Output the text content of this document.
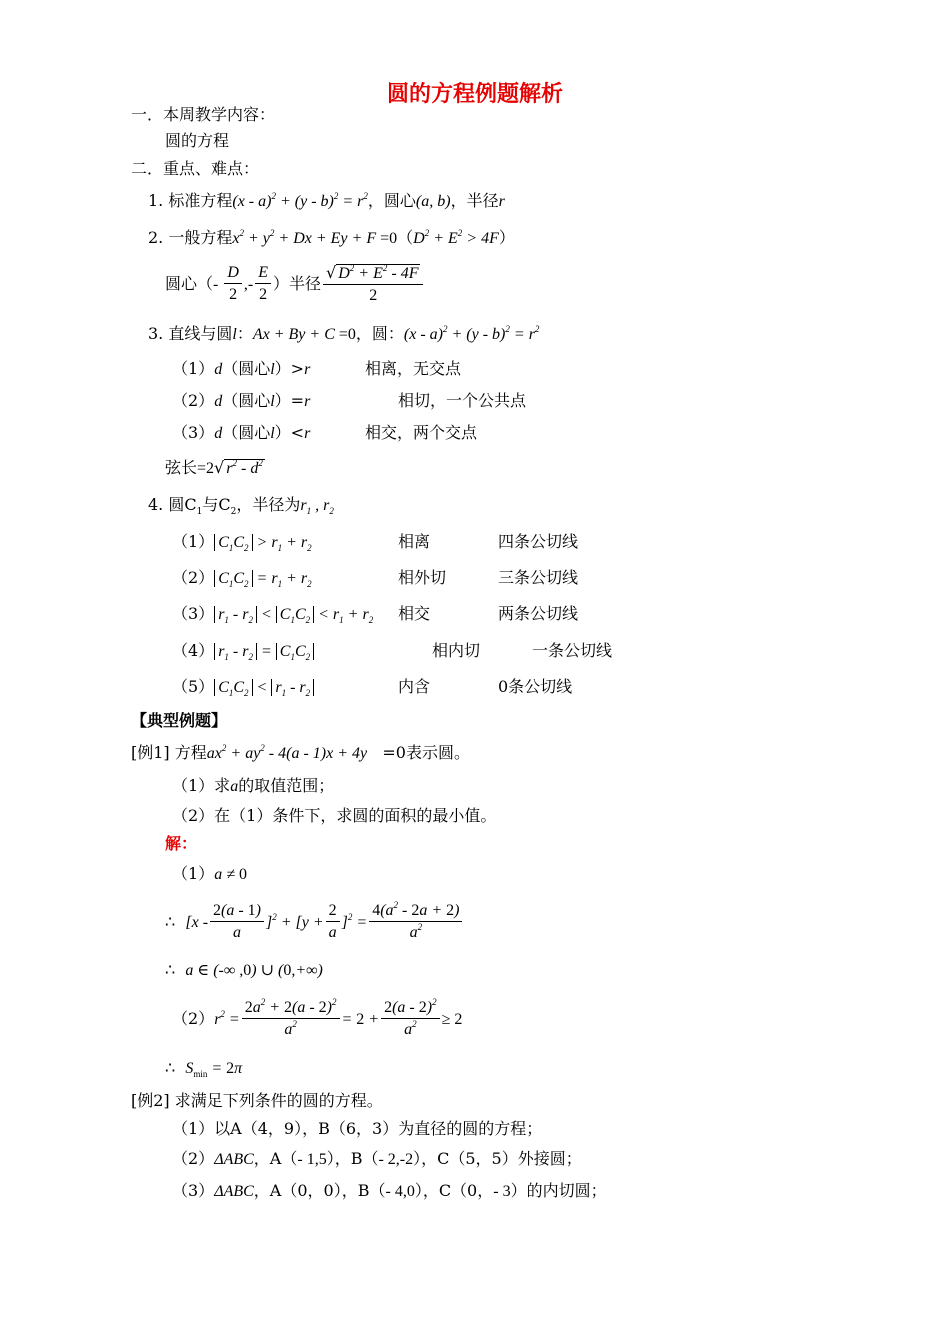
圆的方程例题解析
一．本周教学内容：
圆的方程
二．重点、难点：
1. 标准方程$(x - a)^2 + (y - b)^2 = r^2$，圆心(a, b)，半径r
2. 一般方程$x^2 + y^2 + Dx + Ey + F =0(D^2 + E^2 > 4F)$
圆心（- $\frac{D}{2}$ ,- $\frac{E}{2}$ ）半径 $\frac{√ D^2 + E^2 - 4F}{2}$
3. 直线与圆l：Ax + By + C =0，圆：$(x - a)^2 + (y - b)^2 = r^2$
（1）d（圆心l）>r	相离，无交点
（2）d（圆心l）=r	相切，一个公共点
（3）d（圆心l）<r	相交，两个交点
弦长=2√ $r^2 - d^2$
4. 圆$C_1$与$C_2$，半径为$r_1$ , $r_2$
（1） $C_1C_2 > r_1 + r_2$	相离	四条公切线
（2） $C_1C_2 = r_1 + r_2$	相外切	三条公切线
（3） $r_1 - r_2 < C_1C_2 < r_1 + r_2$ 相交	两条公切线
（4） $r_1 - r_2 = C_1C_2$	相内切	一条公切线
（5） $C_1C_2 < r_1 - r_2$	内含	0条公切线
【典型例题】
[例1] 方程$ax^2 + ay^2 - 4(a - 1)x + 4y =0$表示圆。
（1）求a的取值范围；
（2）在（1）条件下，求圆的面积的最小值。
解：
（1）a ≠ 0
∴ $[x - \frac{2(a - 1)}{a} ]^2 + [y + \frac{2}{a} ]^2 = \frac{4(a^2 - 2a + 2)}{a^2}$
∴ a ∈ (-∞ ,0) ∪ (0,+∞)
$(2)r^2 = \frac{2a^2 + 2(a - 2)^2}{a^2} = 2 + \frac{2(a - 2)^2}{a^2} \ge 2$
∴ $S_{min} = 2\pi$
[例2] 求满足下列条件的圆的方程。
（1）以A（4，9），B（6，3）为直径的圆的方程；
（2）ΔABC，A（- 1,5），B（- 2,-2），C（5，5）外接圆；
（3）ΔABC，A（0，0），B（- 4,0），C（0，- 3）的内切圆；
